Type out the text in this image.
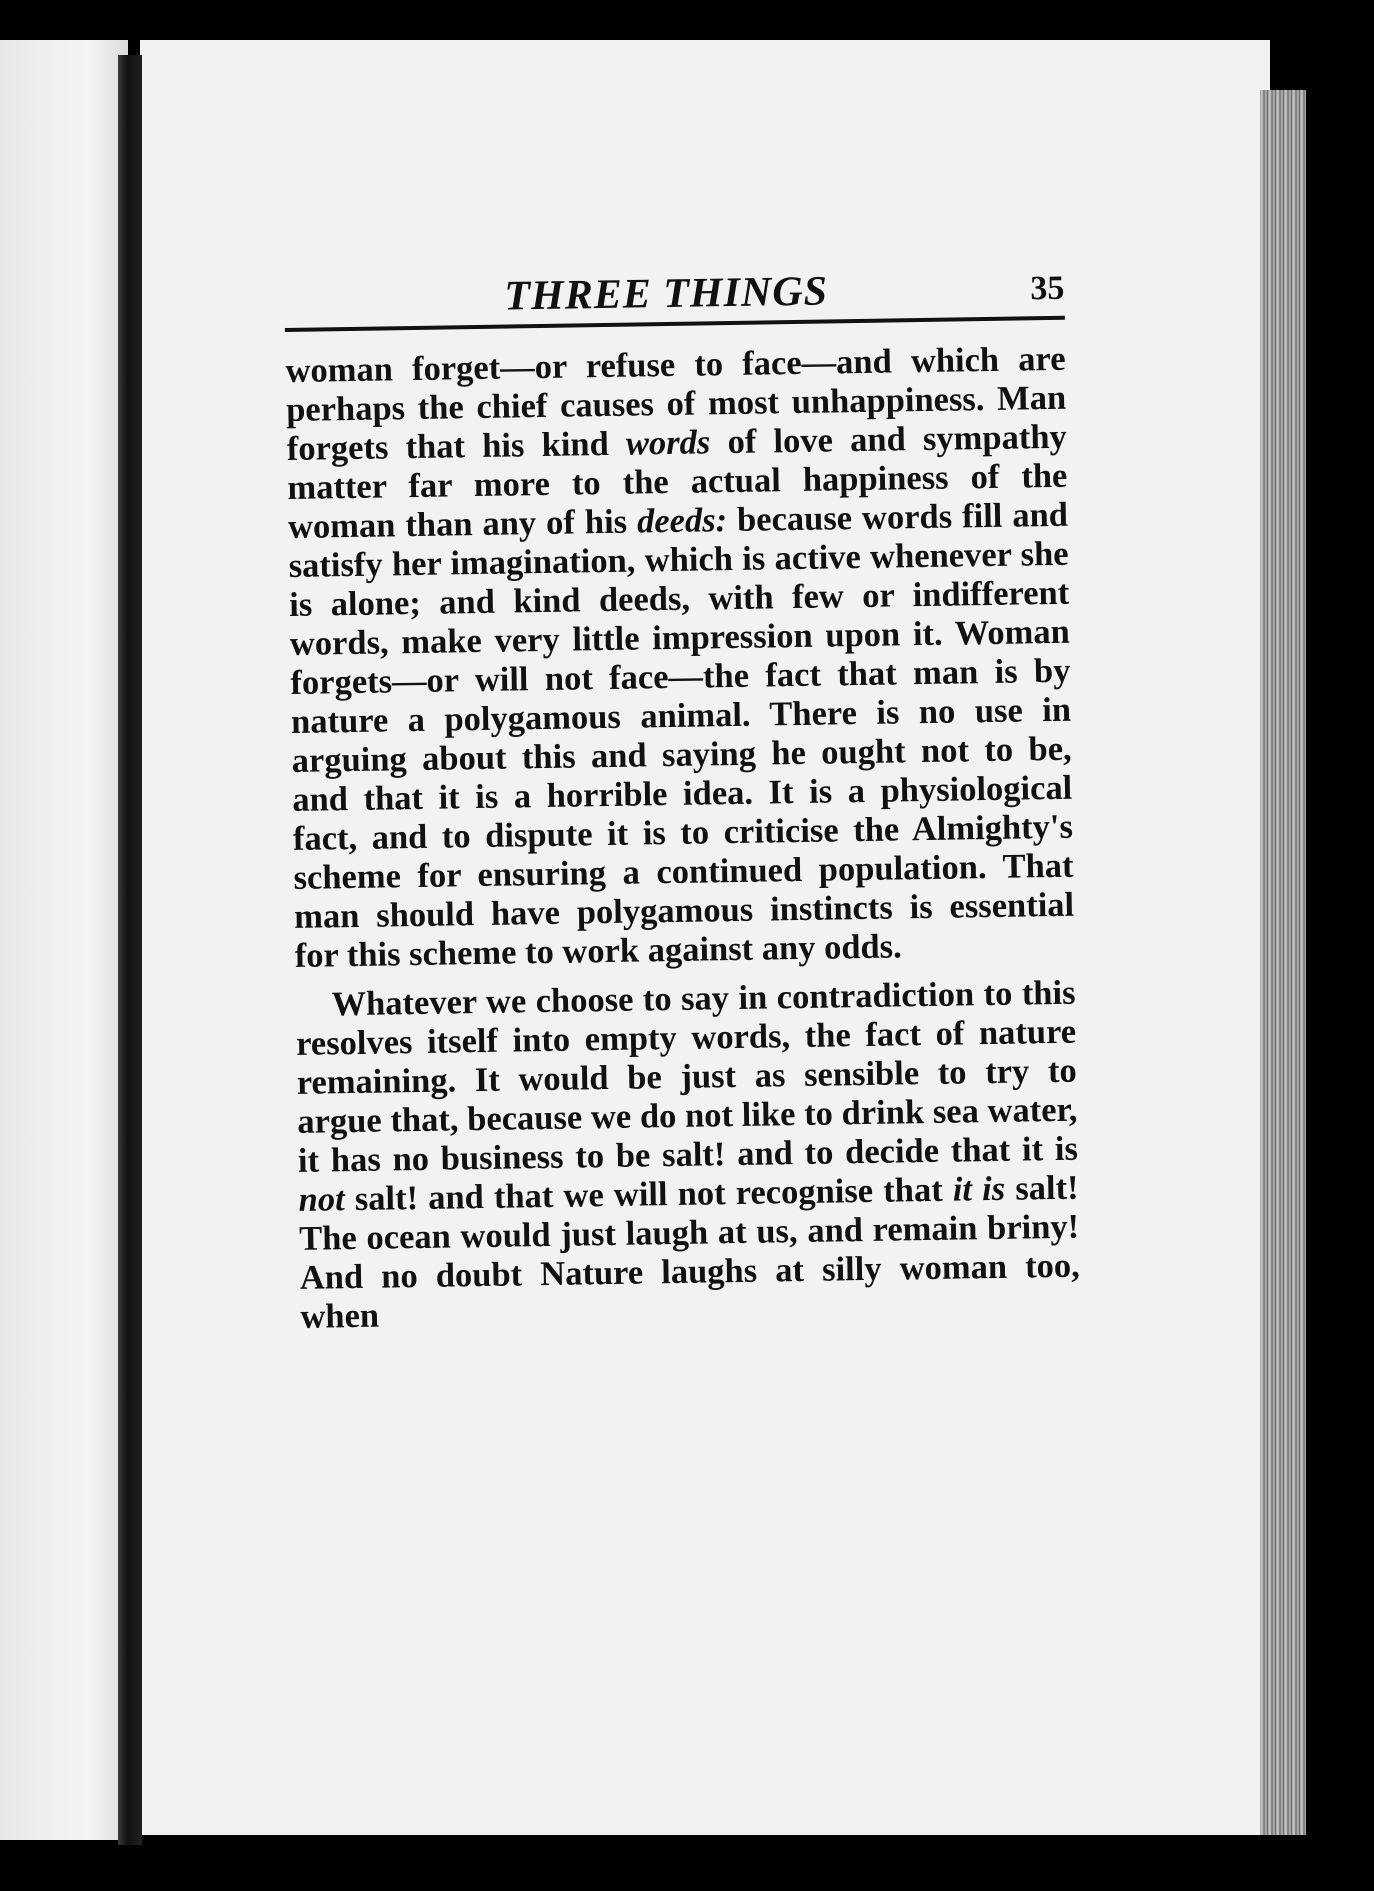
THREE THINGS	35

woman forget—or refuse to face—and which are perhaps the chief causes of most unhappiness. Man forgets that his kind words of love and sympathy matter far more to the actual happiness of the woman than any of his deeds: because words fill and satisfy her imagination, which is active whenever she is alone; and kind deeds, with few or indifferent words, make very little impression upon it. Woman forgets—or will not face—the fact that man is by nature a polygamous animal. There is no use in arguing about this and saying he ought not to be, and that it is a horrible idea. It is a physiological fact, and to dispute it is to criticise the Almighty's scheme for ensuring a continued population. That man should have polygamous instincts is essential for this scheme to work against any odds.

Whatever we choose to say in contradiction to this resolves itself into empty words, the fact of nature remaining. It would be just as sensible to try to argue that, because we do not like to drink sea water, it has no business to be salt! and to decide that it is not salt! and that we will not recognise that it is salt! The ocean would just laugh at us, and remain briny! And no doubt Nature laughs at silly woman too, when
